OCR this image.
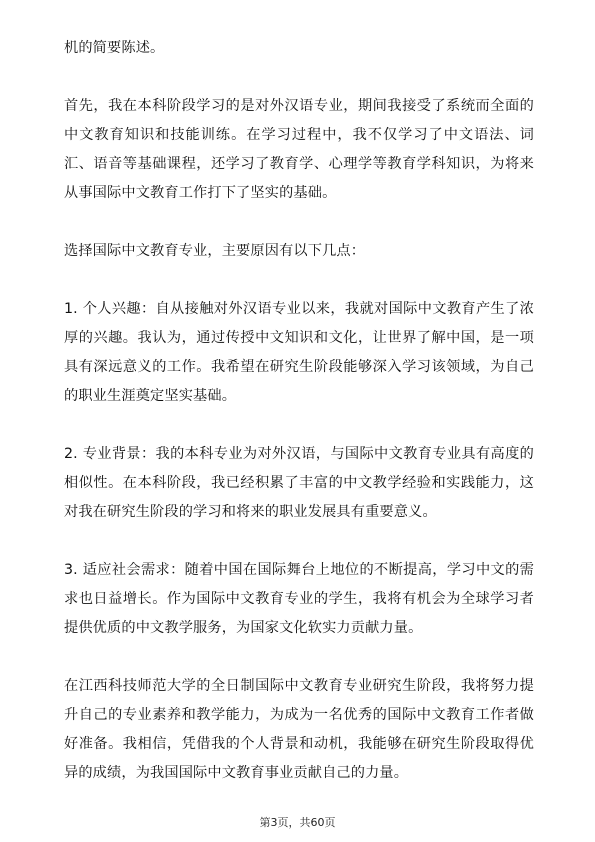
机的简要陈述。

首先，我在本科阶段学习的是对外汉语专业，期间我接受了系统而全面的中文教育知识和技能训练。在学习过程中，我不仅学习了中文语法、词汇、语音等基础课程，还学习了教育学、心理学等教育学科知识，为将来从事国际中文教育工作打下了坚实的基础。

选择国际中文教育专业，主要原因有以下几点：

1. 个人兴趣：自从接触对外汉语专业以来，我就对国际中文教育产生了浓厚的兴趣。我认为，通过传授中文知识和文化，让世界了解中国，是一项具有深远意义的工作。我希望在研究生阶段能够深入学习该领域，为自己的职业生涯奠定坚实基础。

2. 专业背景：我的本科专业为对外汉语，与国际中文教育专业具有高度的相似性。在本科阶段，我已经积累了丰富的中文教学经验和实践能力，这对我在研究生阶段的学习和将来的职业发展具有重要意义。

3. 适应社会需求：随着中国在国际舞台上地位的不断提高，学习中文的需求也日益增长。作为国际中文教育专业的学生，我将有机会为全球学习者提供优质的中文教学服务，为国家文化软实力贡献力量。

在江西科技师范大学的全日制国际中文教育专业研究生阶段，我将努力提升自己的专业素养和教学能力，为成为一名优秀的国际中文教育工作者做好准备。我相信，凭借我的个人背景和动机，我能够在研究生阶段取得优异的成绩，为我国国际中文教育事业贡献自己的力量。

第3页，共60页
